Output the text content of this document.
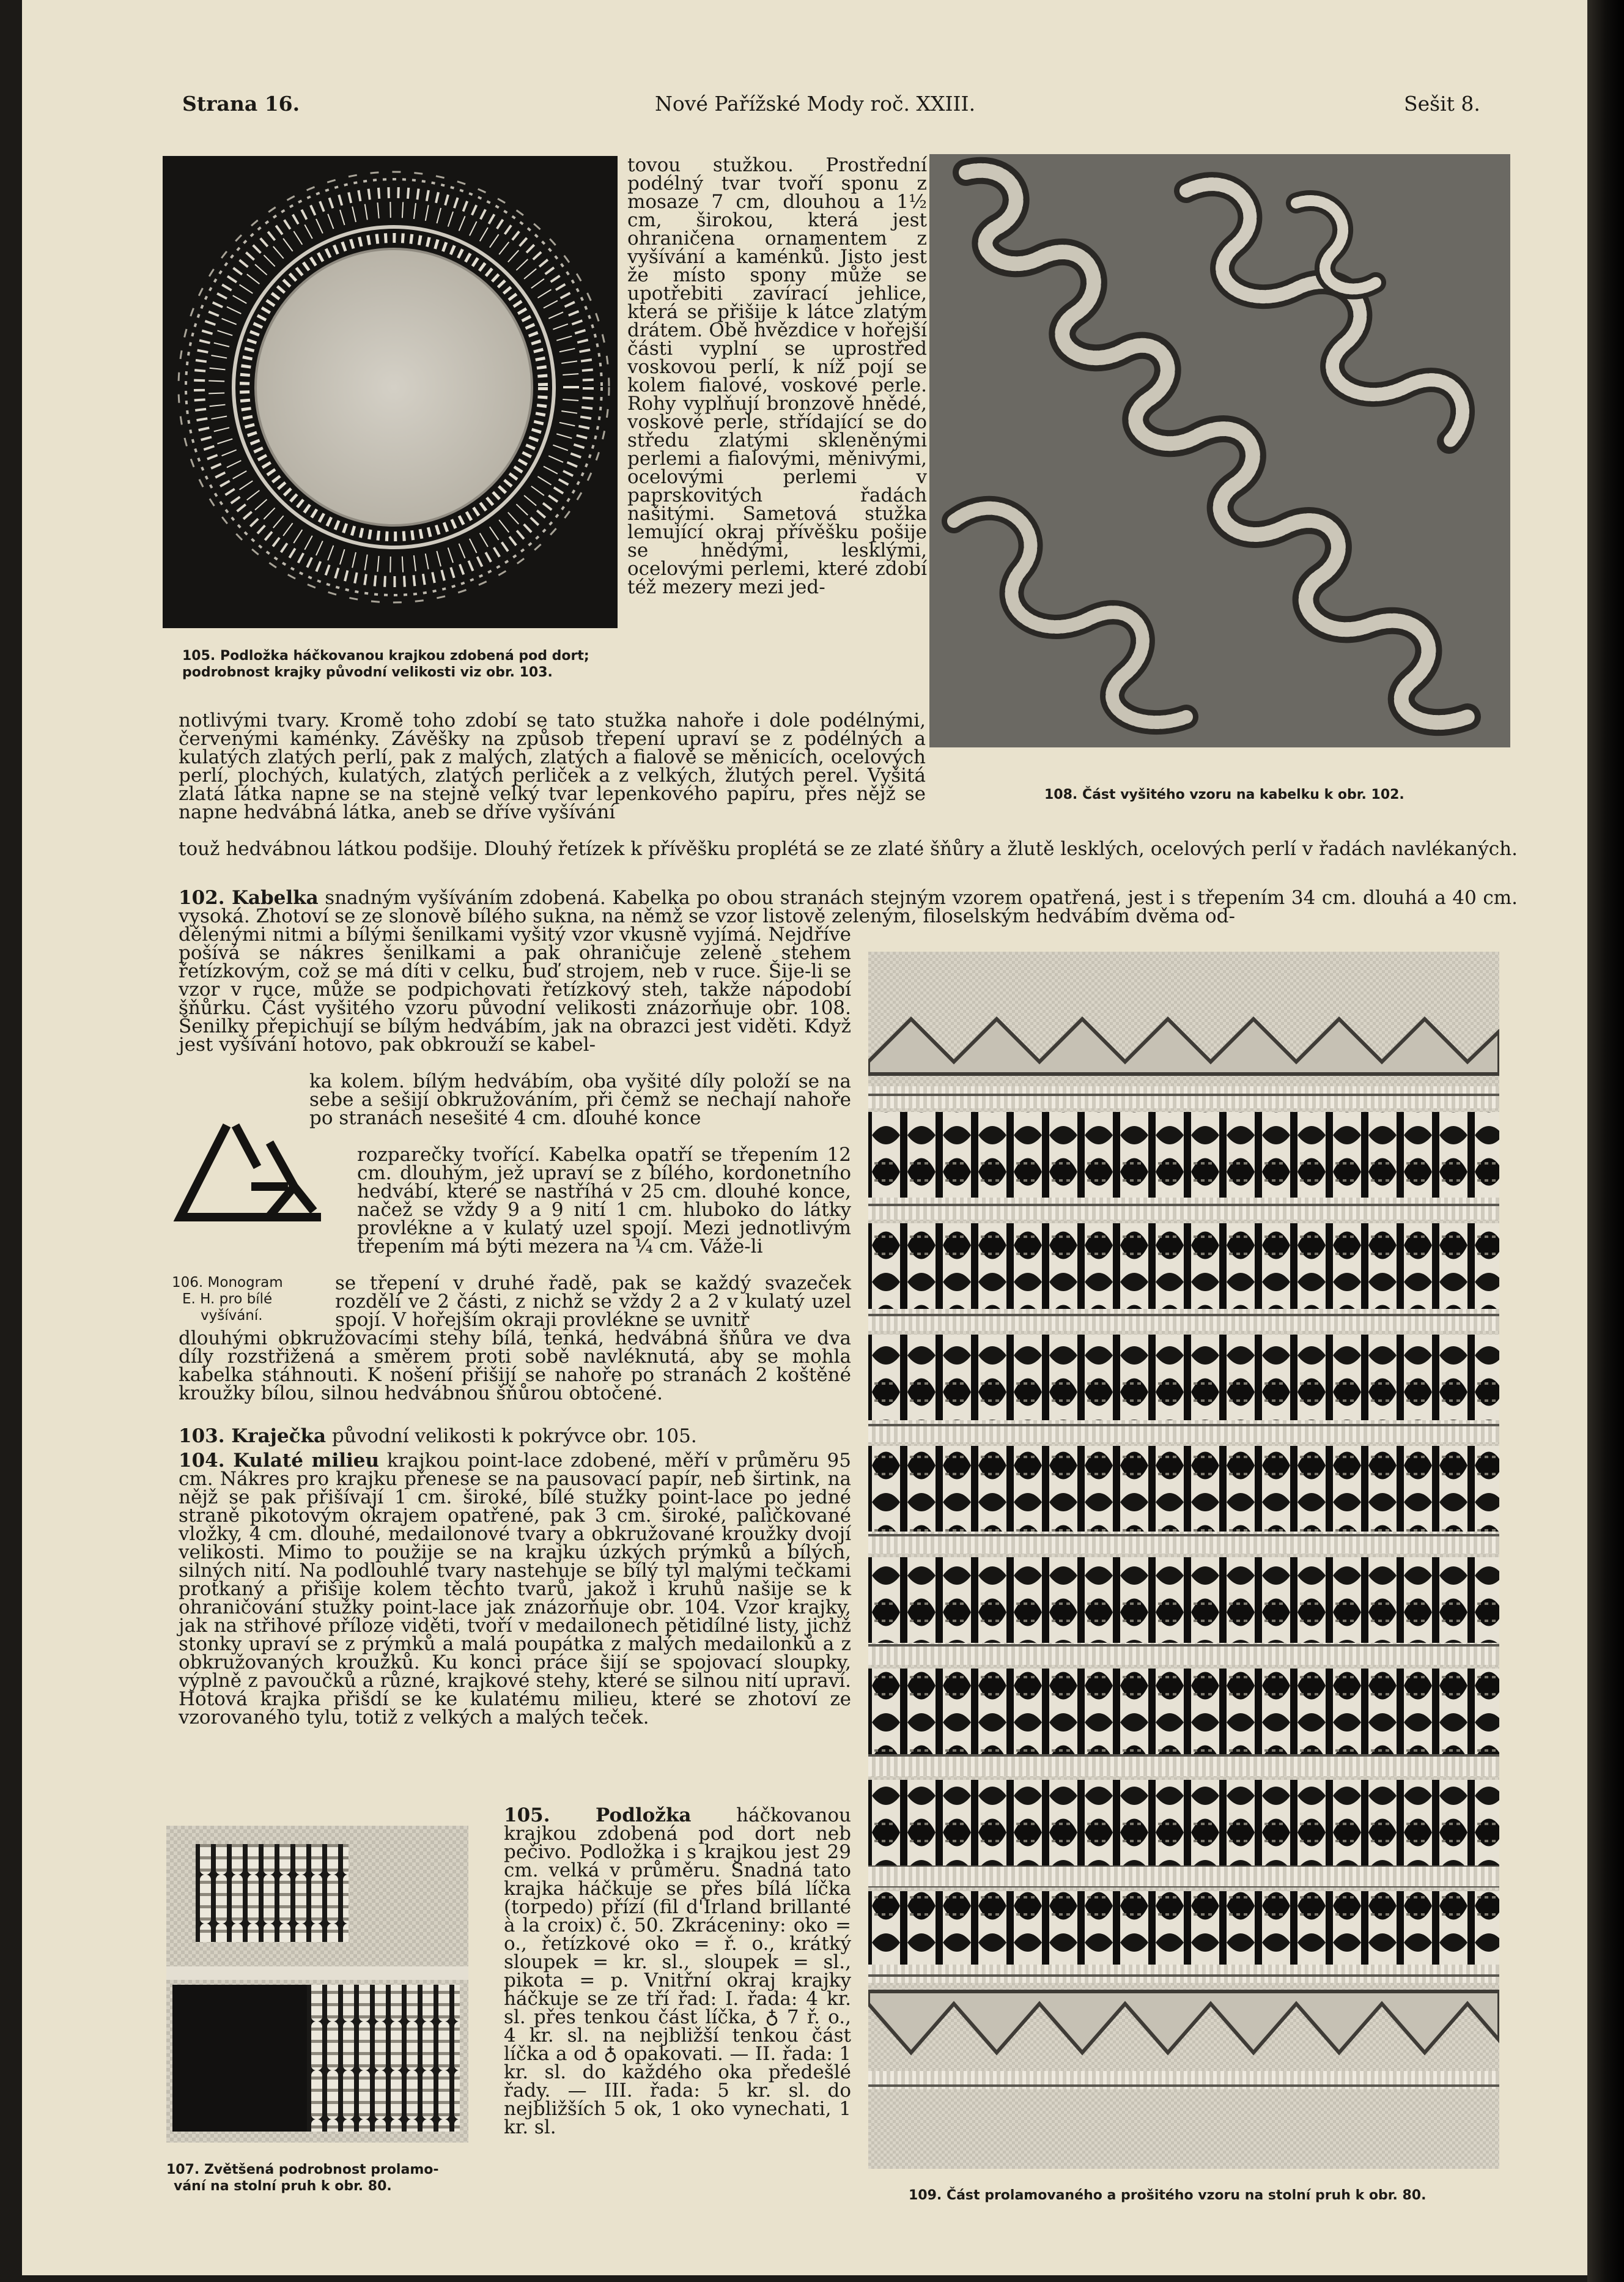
Strana 16.	Nové Pařížské Mody roč. XXIII.	Sešit 8.

105. Podložka háčkovanou krajkou zdobená pod dort;

podrobnost krajky původní velikosti viz obr. 103.

tovou stužkou. Prostřední podélný tvar tvoří sponu z mosaze 7 cm, dlouhou a 1½ cm, širokou, která jest ohraničena ornamentem z vyšívání a kaménků. Jisto jest že místo spony může se upotřebiti zavírací jehlice, která se přišije k látce zlatým drátem. Obě hvězdice v hořejší části vyplní se uprostřed voskovou perlí, k níž pojí se kolem fialové, voskové perle. Rohy vyplňují bronzově hnědé, voskové perle, střídající se do středu zlatými skleněnými perlemi a fialovými, měnivými, ocelovými perlemi v paprskovitých řadách našitými. Sametová stužka lemující okraj přívěšku pošije se hnědými, lesklými, ocelovými perlemi, které zdobí též mezery mezi jed-

108. Část vyšitého vzoru na kabelku k obr. 102.

notlivými tvary. Kromě toho zdobí se tato stužka nahoře i dole podélnými, červenými kaménky. Závěšky na způsob třepení upraví se z podélných a kulatých zlatých perlí, pak z malých, zlatých a fialově se měnicích, ocelových perlí, plochých, kulatých, zlatých perliček a z velkých, žlutých perel. Vyšitá zlatá látka napne se na stejně velký tvar lepenkového papíru, přes nějž se napne hedvábná látka, aneb se dříve vyšívání

touž hedvábnou látkou podšije. Dlouhý řetízek k přívěšku proplétá se ze zlaté šňůry a žlutě lesklých, ocelových perlí v řadách navlékaných.

102. Kabelka snadným vyšíváním zdobená. Kabelka po obou stranách stejným vzorem opatřená, jest i s třepením 34 cm. dlouhá a 40 cm. vysoká. Zhotoví se ze slonově bílého sukna, na němž se vzor listově zeleným, filoselským hedvábím dvěma od-

dělenými nitmi a bílými šenilkami vyšitý vzor vkusně vyjímá. Nejdříve pošívá se nákres šenilkami a pak ohraničuje zeleně stehem řetízkovým, což se má díti v celku, buď strojem, neb v ruce. Šije-li se vzor v ruce, může se podpichovati řetízkový steh, takže nápodobí šňůrku. Část vyšitého vzoru původní velikosti znázorňuje obr. 108. Šenilky přepichují se bílým hedvábím, jak na obrazci jest viděti. Když jest vyšívání hotovo, pak obkrouží se kabel-

106. Monogram

E. H. pro bílé

vyšívání.

ka kolem. bílým hedvábím, oba vyšité díly položí se na sebe a sešijí obkružováním, při čemž se nechají nahoře po stranách nesešité 4 cm. dlouhé konce

rozparečky tvořící. Kabelka opatří se třepením 12 cm. dlouhým, jež upraví se z bílého, kordonetního hedvábí, které se nastříhá v 25 cm. dlouhé konce, načež se vždy 9 a 9 nití 1 cm. hluboko do látky provlékne a v kulatý uzel spojí. Mezi jednotlivým třepením má býti mezera na ¼ cm. Váže-li

se třepení v druhé řadě, pak se každý svazeček rozdělí ve 2 části, z nichž se vždy 2 a 2 v kulatý uzel spojí. V hořejším okraji provlékne se uvnitř

dlouhými obkružovacími stehy bílá, tenká, hedvábná šňůra ve dva díly rozstřižená a směrem proti sobě navléknutá, aby se mohla kabelka stáhnouti. K nošení přišijí se nahoře po stranách 2 koštěné kroužky bílou, silnou hedvábnou šňůrou obtočené.

103. Kraječka původní velikosti k pokrývce obr. 105.

104. Kulaté milieu krajkou point-lace zdobené, měří v průměru 95 cm. Nákres pro krajku přenese se na pausovací papír, neb širtink, na nějž se pak přišívají 1 cm. široké, bílé stužky point-lace po jedné straně pikotovým okrajem opatřené, pak 3 cm. široké, paličkované vložky, 4 cm. dlouhé, medailonové tvary a obkružované kroužky dvojí velikosti. Mimo to použije se na krajku úzkých prýmků a bílých, silných nití. Na podlouhlé tvary nastehuje se bílý tyl malými tečkami protkaný a přišije kolem těchto tvarů, jakož i kruhů našije se k ohraničování stužky point-lace jak znázorňuje obr. 104. Vzor krajky, jak na střihové příloze viděti, tvoří v medailonech pětidílné listy, jichž stonky upraví se z prýmků a malá poupátka z malých medailonků a z obkružovaných kroužků. Ku konci práce šijí se spojovací sloupky, výplně z pavoučků a různé, krajkové stehy, které se silnou nití upraví. Hotová krajka přišdí se ke kulatému milieu, které se zhotoví ze vzorovaného tylu, totiž z velkých a malých teček.

107. Zvětšená podrobnost prolamo-

vání na stolní pruh k obr. 80.

105. Podložka háčkovanou krajkou zdobená pod dort neb pečivo. Podložka i s krajkou jest 29 cm. velká v průměru. Snadná tato krajka háčkuje se přes bílá líčka (torpedo) přízí (fil d'Irland brillanté à la croix) č. 50. Zkráceniny: oko = o., řetízkové oko = ř. o., krátký sloupek = kr. sl., sloupek = sl., pikota = p. Vnitřní okraj krajky háčkuje se ze tří řad: I. řada: 4 kr. sl. přes tenkou část líčka, ♁ 7 ř. o., 4 kr. sl. na nejbližší tenkou část líčka a od ♁ opakovati. — II. řada: 1 kr. sl. do každého oka předešlé řady. — III. řada: 5 kr. sl. do nejbližších 5 ok, 1 oko vynechati, 1 kr. sl.

109. Část prolamovaného a prošitého vzoru na stolní pruh k obr. 80.
